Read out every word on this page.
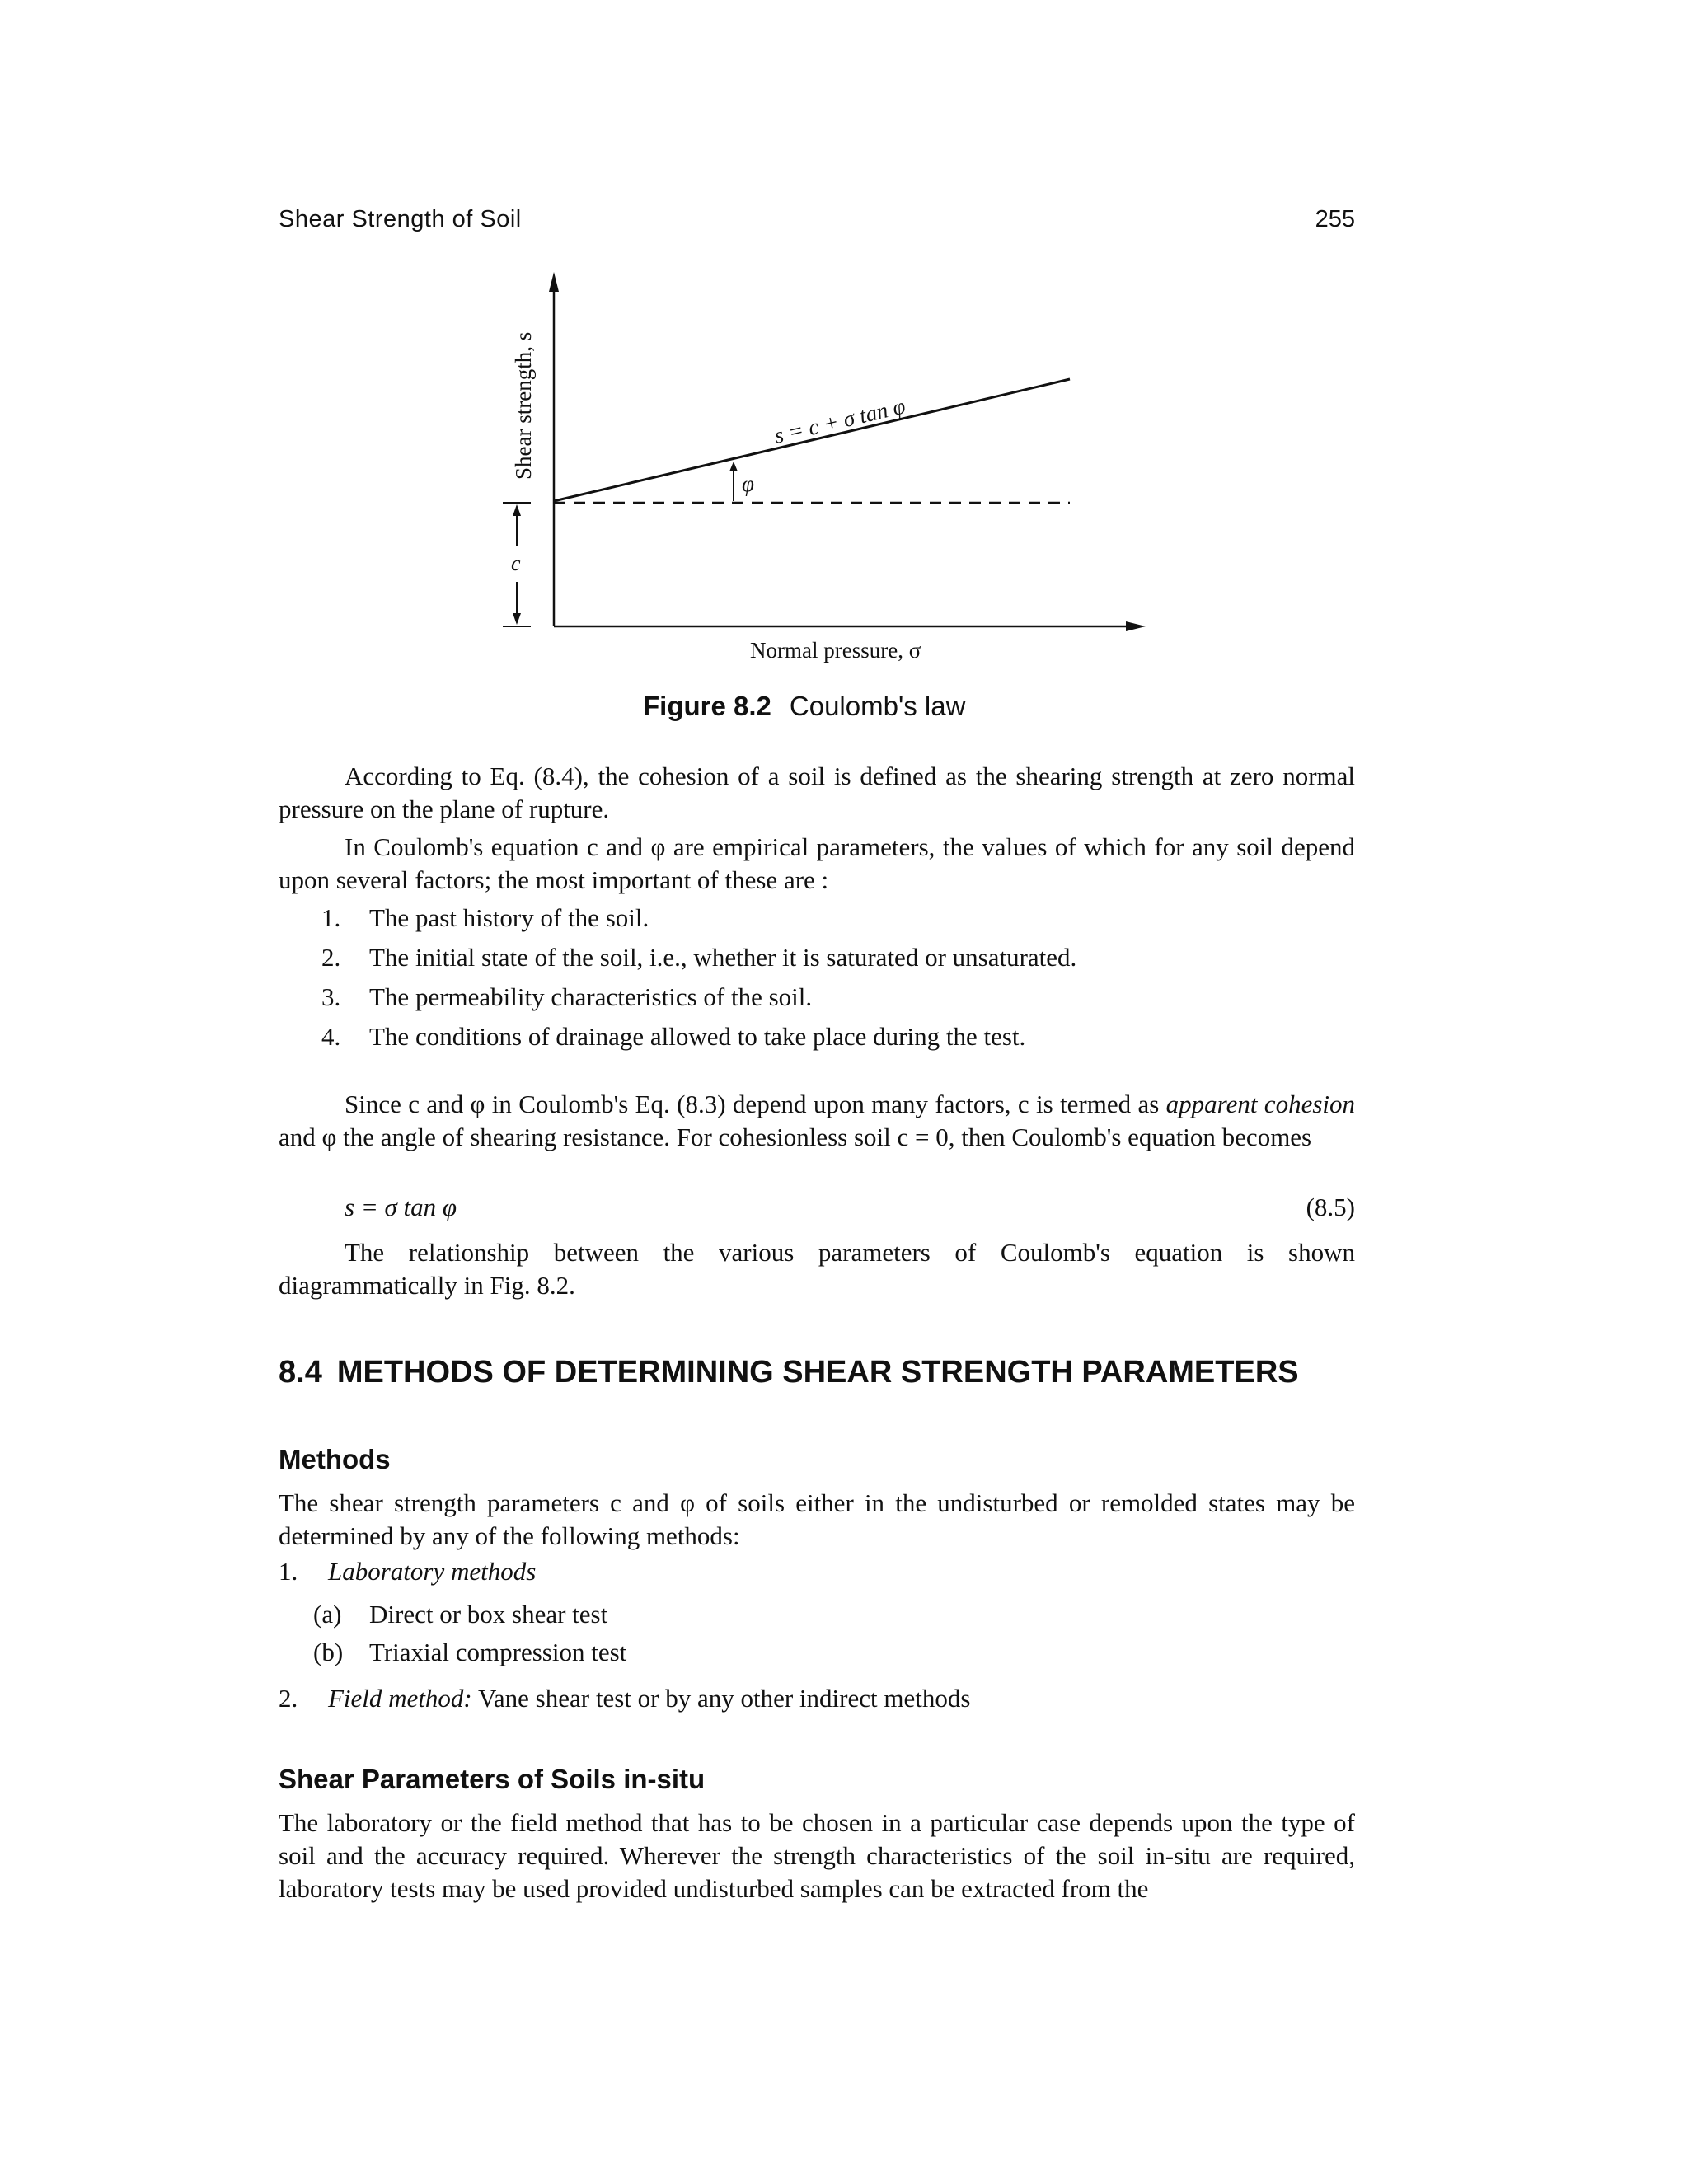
Shear Strength of Soil	255
Shear strength, s
c
s = c + σ tan φ
φ
Normal pressure, σ
Figure 8.2 Coulomb's law

According to Eq. (8.4), the cohesion of a soil is defined as the shearing strength at zero normal pressure on the plane of rupture.

In Coulomb's equation c and φ are empirical parameters, the values of which for any soil depend upon several factors; the most important of these are :

1. The past history of the soil.
2. The initial state of the soil, i.e., whether it is saturated or unsaturated.
3. The permeability characteristics of the soil.
4. The conditions of drainage allowed to take place during the test.

Since c and φ in Coulomb's Eq. (8.3) depend upon many factors, c is termed as apparent cohesion and φ the angle of shearing resistance. For cohesionless soil c = 0, then Coulomb's equation becomes

s = σ tan φ	(8.5)

The relationship between the various parameters of Coulomb's equation is shown diagrammatically in Fig. 8.2.

8.4 METHODS OF DETERMINING SHEAR STRENGTH PARAMETERS
Methods

The shear strength parameters c and φ of soils either in the undisturbed or remolded states may be determined by any of the following methods:

1. Laboratory methods
(a) Direct or box shear test
(b) Triaxial compression test
2. Field method: Vane shear test or by any other indirect methods
Shear Parameters of Soils in-situ

The laboratory or the field method that has to be chosen in a particular case depends upon the type of soil and the accuracy required. Wherever the strength characteristics of the soil in-situ are required, laboratory tests may be used provided undisturbed samples can be extracted from the
